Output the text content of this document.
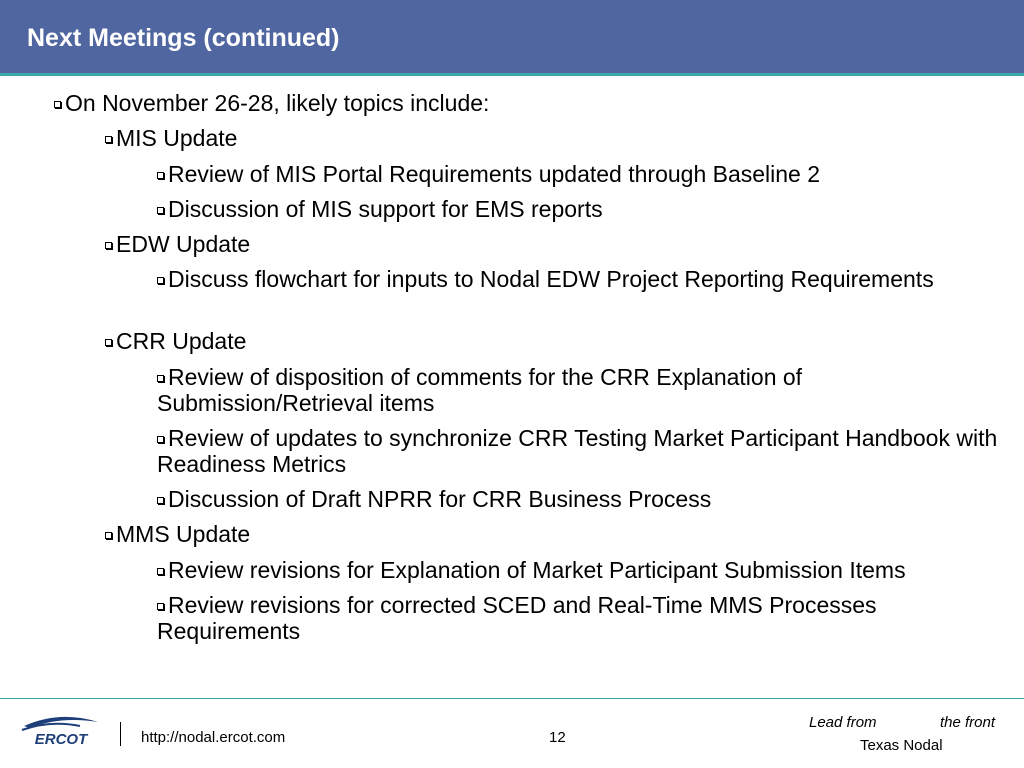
Next Meetings (continued)
On November 26-28, likely topics include:
MIS Update
Review of MIS Portal Requirements updated through Baseline 2
Discussion of MIS support for EMS reports
EDW Update
Discuss flowchart for inputs to Nodal EDW Project Reporting Requirements
CRR Update
Review of disposition of comments for the CRR Explanation of Submission/Retrieval items
Review of updates to synchronize CRR Testing Market Participant Handbook with Readiness Metrics
Discussion of Draft NPRR for CRR Business Process
MMS Update
Review revisions for Explanation of Market Participant Submission Items
Review revisions for corrected SCED and Real-Time MMS Processes Requirements
ERCOT	http://nodal.ercot.com	12
Lead from	the front
Texas Nodal
